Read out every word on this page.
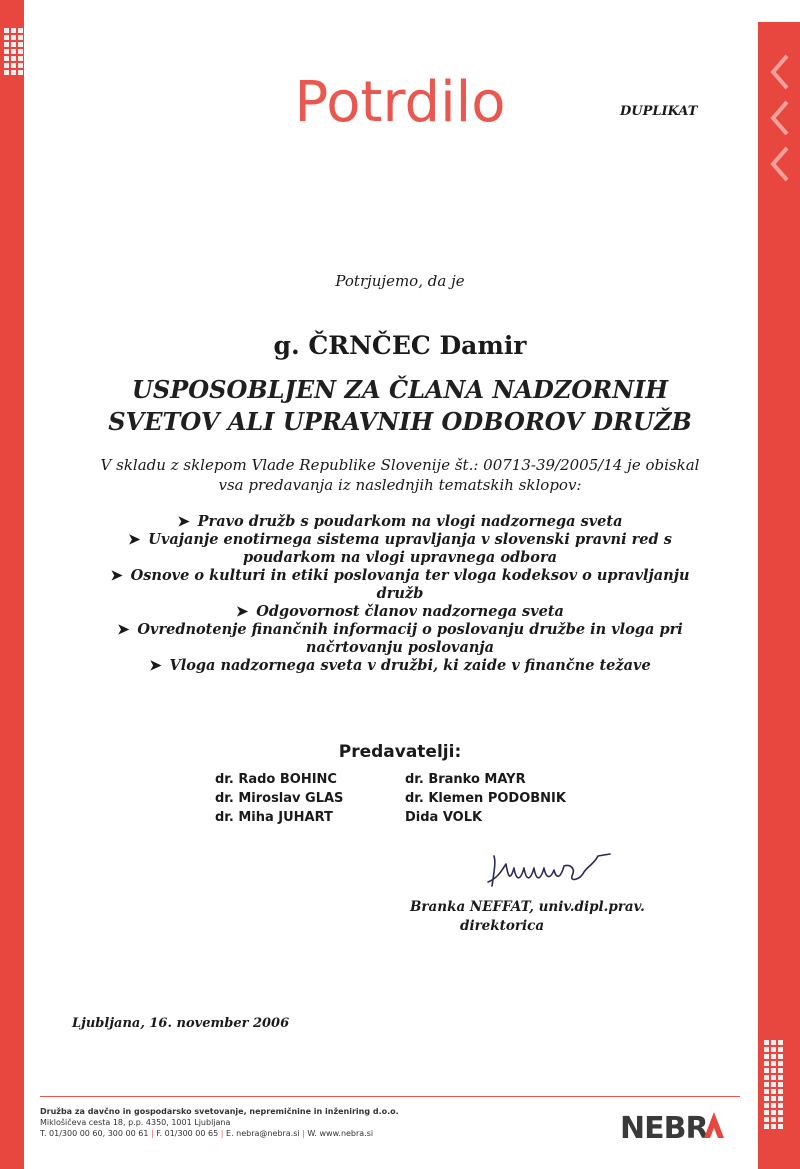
Potrdilo	DUPLIKAT
Potrjujemo, da je
g. ČRNČEC Damir
USPOSOBLJEN ZA ČLANA NADZORNIH
SVETOV ALI UPRAVNIH ODBOROV DRUŽB
V skladu z sklepom Vlade Republike Slovenije št.: 00713-39/2005/14 je obiskal
vsa predavanja iz naslednjih tematskih sklopov:
➤ Pravo družb s poudarkom na vlogi nadzornega sveta
➤ Uvajanje enotirnega sistema upravljanja v slovenski pravni red s poudarkom na vlogi upravnega odbora
➤ Osnove o kulturi in etiki poslovanja ter vloga kodeksov o upravljanju družb
➤ Odgovornost članov nadzornega sveta
➤ Ovrednotenje finančnih informacij o poslovanju družbe in vloga pri načrtovanju poslovanja
➤ Vloga nadzornega sveta v družbi, ki zaide v finančne težave
Predavatelji:
dr. Rado BOHINC
dr. Miroslav GLAS
dr. Miha JUHART
dr. Branko MAYR
dr. Klemen PODOBNIK
Dida VOLK
Branka NEFFAT, univ.dipl.prav.
direktorica
Ljubljana, 16. november 2006
Družba za davčno in gospodarsko svetovanje, nepremičnine in inženiring d.o.o.
Miklošičeva cesta 18, p.p. 4350, 1001 Ljubljana
T. 01/300 00 60, 300 00 61 | F. 01/300 00 65 | E. nebra@nebra.si | W. www.nebra.si	NEBR
